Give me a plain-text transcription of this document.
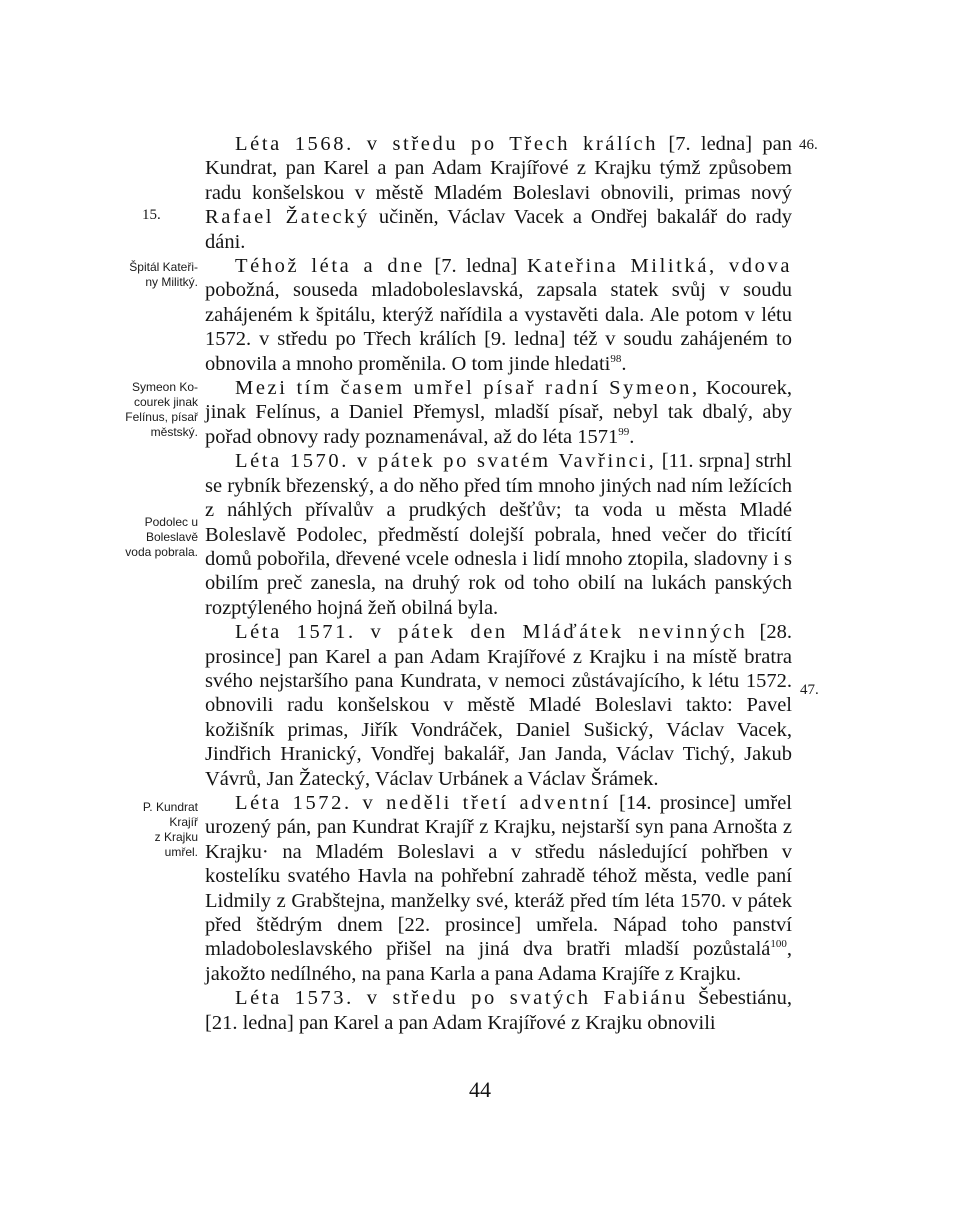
46.
47.
15.
Špitál Kateři-
ny Militký.
Symeon Ko-
courek jinak
Felínus, písař
městský.
Podolec u
Boleslavě
voda pobrala.
P. Kundrat
Krajíř
z Krajku
umřel.

Léta 1568. v středu po Třech králích [7. ledna] pan Kundrat, pan Karel a pan Adam Krajířové z Krajku týmž způsobem radu konšelskou v městě Mladém Boleslavi obnovili, primas nový Rafael Žatecký učiněn, Václav Vacek a Ondřej bakalář do rady dáni.

Téhož léta a dne [7. ledna] Kateřina Militká, vdova pobožná, souseda mladoboleslavská, zapsala statek svůj v soudu zahájeném k špitálu, kterýž nařídila a vystavěti dala. Ale potom v létu 1572. v středu po Třech králích [9. ledna] též v soudu zahájeném to obnovila a mnoho proměnila. O tom jinde hledati$^{98}$.

Mezi tím časem umřel písař radní Symeon, Kocourek, jinak Felínus, a Daniel Přemysl, mladší písař, nebyl tak dbalý, aby pořad obnovy rady poznamenával, až do léta 1571$^{99}$.

Léta 1570. v pátek po svatém Vavřinci, [11. srpna] strhl se rybník březenský, a do něho před tím mnoho jiných nad ním ležících z náhlých přívalův a prudkých dešťův; ta voda u města Mladé Boleslavě Podolec, předměstí dolejší pobrala, hned večer do třicítí domů pobořila, dřevené vcele odnesla i lidí mnoho ztopila, sladovny i s obilím preč zanesla, na druhý rok od toho obilí na lukách panských rozptýleného hojná žeň obilná byla.

Léta 1571. v pátek den Mláďátek nevinných [28. prosince] pan Karel a pan Adam Krajířové z Krajku i na místě bratra svého nejstaršího pana Kundrata, v nemoci zůstávajícího, k létu 1572. obnovili radu konšelskou v městě Mladé Boleslavi takto: Pavel kožišník primas, Jiřík Vondráček, Daniel Sušický, Václav Vacek, Jindřich Hranický, Vondřej bakalář, Jan Janda, Václav Tichý, Jakub Vávrů, Jan Žatecký, Václav Urbánek a Václav Šrámek.

Léta 1572. v neděli třetí adventní [14. prosince] umřel urozený pán, pan Kundrat Krajíř z Krajku, nejstarší syn pana Arnošta z Krajku· na Mladém Boleslavi a v středu následující pohřben v kostelíku svatého Havla na pohřební zahradě téhož města, vedle paní Lidmily z Grabštejna, manželky své, kteráž před tím léta 1570. v pátek před štědrým dnem [22. prosince] umřela. Nápad toho panství mladoboleslavského přišel na jiná dva bratři mladší pozůstalá$^{100}$, jakožto nedílného, na pana Karla a pana Adama Krajíře z Krajku.

Léta 1573. v středu po svatých Fabiánu Šebestiánu, [21. ledna] pan Karel a pan Adam Krajířové z Krajku obnovili

44
